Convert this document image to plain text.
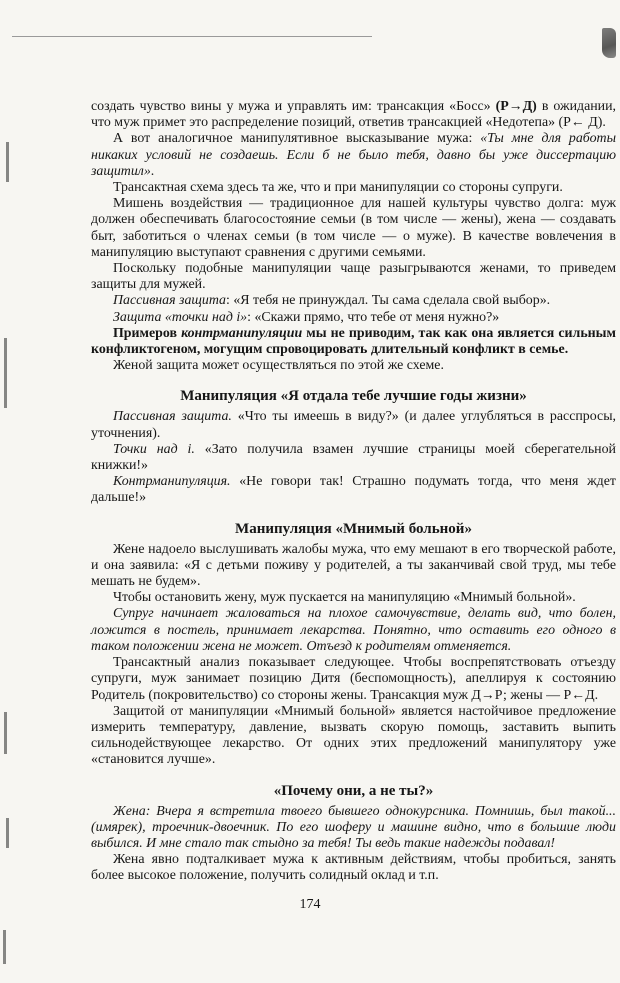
создать чувство вины у мужа и управлять им: трансакция «Босс» (Р→Д) в ожидании, что муж примет это распределение позиций, ответив трансакцией «Недотепа» (Р← Д).

А вот аналогичное манипулятивное высказывание мужа: «Ты мне для работы никаких условий не создаешь. Если б не было тебя, давно бы уже диссертацию защитил».

Трансактная схема здесь та же, что и при манипуляции со стороны супруги.

Мишень воздействия — традиционное для нашей культуры чувство долга: муж должен обеспечивать благосостояние семьи (в том числе — жены), жена — создавать быт, заботиться о членах семьи (в том числе — о муже). В качестве вовлечения в манипуляцию выступают сравнения с другими семьями.

Поскольку подобные манипуляции чаще разыгрываются женами, то приведем защиты для мужей.

Пассивная защита: «Я тебя не принуждал. Ты сама сделала свой выбор».

Защита «точки над i»: «Скажи прямо, что тебе от меня нужно?»

Примеров контрманипуляции мы не приводим, так как она является сильным конфликтогеном, могущим спровоцировать длительный конфликт в семье.

Женой защита может осуществляться по этой же схеме.

Манипуляция «Я отдала тебе лучшие годы жизни»

Пассивная защита. «Что ты имеешь в виду?» (и далее углубляться в расспросы, уточнения).

Точки над i. «Зато получила взамен лучшие страницы моей сберегательной книжки!»

Контрманипуляция. «Не говори так! Страшно подумать тогда, что меня ждет дальше!»

Манипуляция «Мнимый больной»

Жене надоело выслушивать жалобы мужа, что ему мешают в его творческой работе, и она заявила: «Я с детьми поживу у родителей, а ты заканчивай свой труд, мы тебе мешать не будем».

Чтобы остановить жену, муж пускается на манипуляцию «Мнимый больной».

Супруг начинает жаловаться на плохое самочувствие, делать вид, что болен, ложится в постель, принимает лекарства. Понятно, что оставить его одного в таком положении жена не может. Отъезд к родителям отменяется.

Трансактный анализ показывает следующее. Чтобы воспрепятствовать отъезду супруги, муж занимает позицию Дитя (беспомощность), апеллируя к состоянию Родитель (покровительство) со стороны жены. Трансакция муж Д→Р; жены — Р←Д.

Защитой от манипуляции «Мнимый больной» является настойчивое предложение измерить температуру, давление, вызвать скорую помощь, заставить выпить сильнодействующее лекарство. От одних этих предложений манипулятору уже «становится лучше».

«Почему они, а не ты?»

Жена: Вчера я встретила твоего бывшего однокурсника. Помнишь, был такой... (имярек), троечник-двоечник. По его шоферу и машине видно, что в большие люди выбился. И мне стало так стыдно за тебя! Ты ведь такие надежды подавал!

Жена явно подталкивает мужа к активным действиям, чтобы пробиться, занять более высокое положение, получить солидный оклад и т.п.

174
